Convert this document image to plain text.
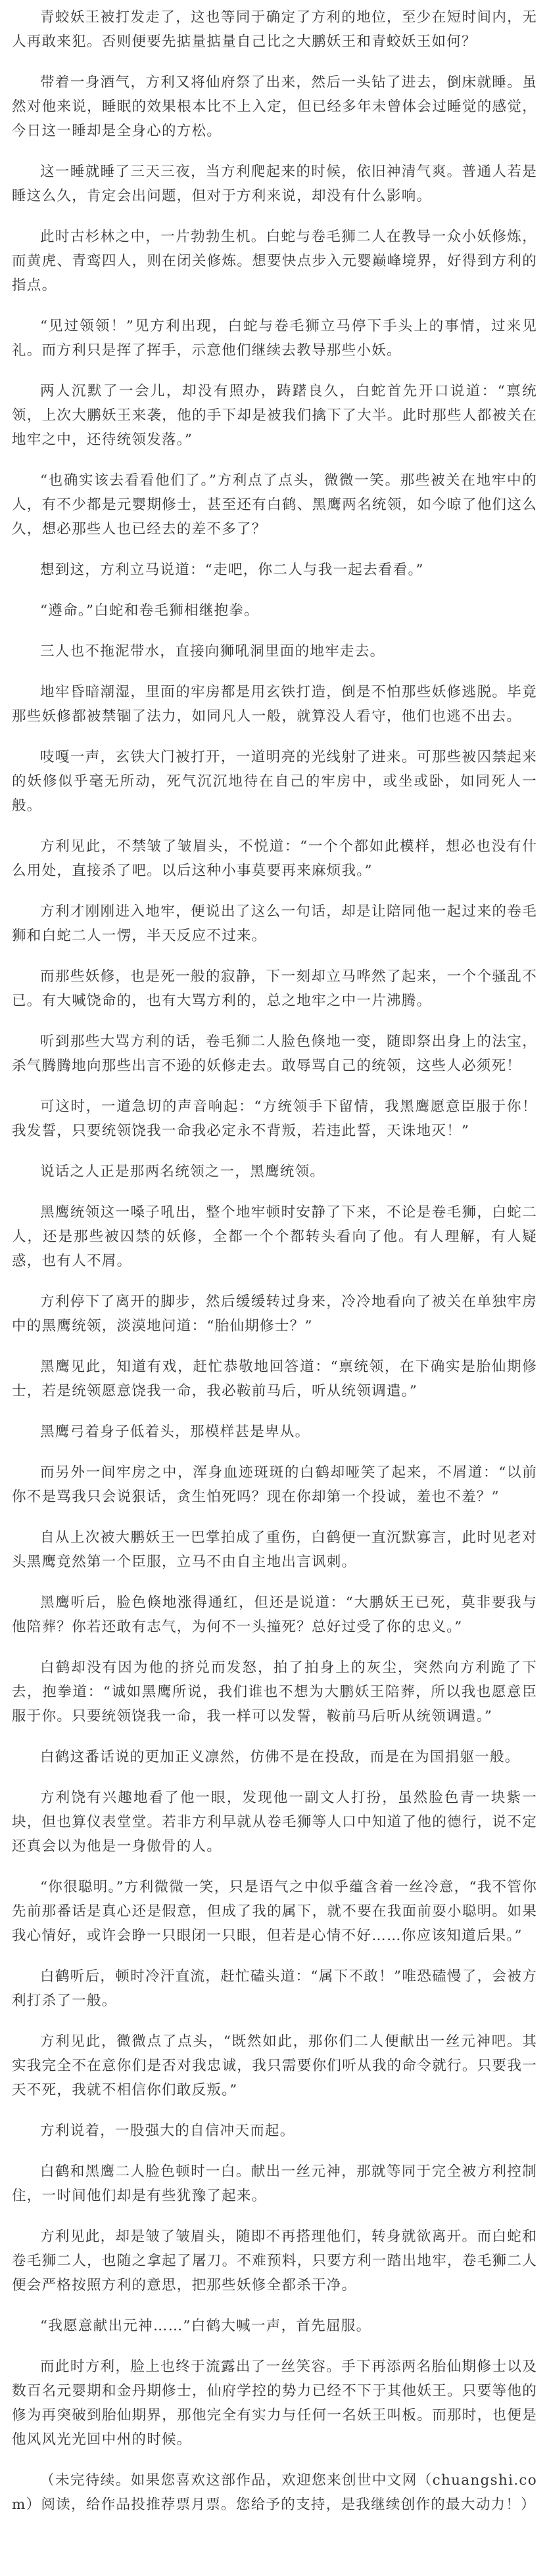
青蛟妖王被打发走了，这也等同于确定了方利的地位，至少在短时间内，无人再敢来犯。否则便要先掂量掂量自己比之大鹏妖王和青蛟妖王如何？

带着一身酒气，方利又将仙府祭了出来，然后一头钻了进去，倒床就睡。虽然对他来说，睡眠的效果根本比不上入定，但已经多年未曾体会过睡觉的感觉，今日这一睡却是全身心的方松。

这一睡就睡了三天三夜，当方利爬起来的时候，依旧神清气爽。普通人若是睡这么久，肯定会出问题，但对于方利来说，却没有什么影响。

此时古杉林之中，一片勃勃生机。白蛇与卷毛狮二人在教导一众小妖修炼，而黄虎、青鸾四人，则在闭关修炼。想要快点步入元婴巅峰境界，好得到方利的指点。

“见过领领！”见方利出现，白蛇与卷毛狮立马停下手头上的事情，过来见礼。而方利只是挥了挥手，示意他们继续去教导那些小妖。

两人沉默了一会儿，却没有照办，踌躇良久，白蛇首先开口说道：“禀统领，上次大鹏妖王来袭，他的手下却是被我们擒下了大半。此时那些人都被关在地牢之中，还待统领发落。”

“也确实该去看看他们了。”方利点了点头，微微一笑。那些被关在地牢中的人，有不少都是元婴期修士，甚至还有白鹤、黑鹰两名统领，如今晾了他们这么久，想必那些人也已经去的差不多了？

想到这，方利立马说道：“走吧，你二人与我一起去看看。”

“遵命。”白蛇和卷毛狮相继抱拳。

三人也不拖泥带水，直接向狮吼洞里面的地牢走去。

地牢昏暗潮湿，里面的牢房都是用玄铁打造，倒是不怕那些妖修逃脱。毕竟那些妖修都被禁锢了法力，如同凡人一般，就算没人看守，他们也逃不出去。

吱嘎一声，玄铁大门被打开，一道明亮的光线射了进来。可那些被囚禁起来的妖修似乎毫无所动，死气沉沉地待在自己的牢房中，或坐或卧，如同死人一般。

方利见此，不禁皱了皱眉头，不悦道：“一个个都如此模样，想必也没有什么用处，直接杀了吧。以后这种小事莫要再来麻烦我。”

方利才刚刚进入地牢，便说出了这么一句话，却是让陪同他一起过来的卷毛狮和白蛇二人一愣，半天反应不过来。

而那些妖修，也是死一般的寂静，下一刻却立马哗然了起来，一个个骚乱不已。有大喊饶命的，也有大骂方利的，总之地牢之中一片沸腾。

听到那些大骂方利的话，卷毛狮二人脸色倏地一变，随即祭出身上的法宝，杀气腾腾地向那些出言不逊的妖修走去。敢辱骂自己的统领，这些人必须死！

可这时，一道急切的声音响起：“方统领手下留情，我黑鹰愿意臣服于你！我发誓，只要统领饶我一命我必定永不背叛，若违此誓，天诛地灭！”

说话之人正是那两名统领之一，黑鹰统领。

黑鹰统领这一嗓子吼出，整个地牢顿时安静了下来，不论是卷毛狮，白蛇二人，还是那些被囚禁的妖修，全都一个个都转头看向了他。有人理解，有人疑惑，也有人不屑。

方利停下了离开的脚步，然后缓缓转过身来，冷冷地看向了被关在单独牢房中的黑鹰统领，淡漠地问道：“胎仙期修士？”

黑鹰见此，知道有戏，赶忙恭敬地回答道：“禀统领，在下确实是胎仙期修士，若是统领愿意饶我一命，我必鞍前马后，听从统领调遣。”

黑鹰弓着身子低着头，那模样甚是卑从。

而另外一间牢房之中，浑身血迹斑斑的白鹤却哑笑了起来，不屑道：“以前你不是骂我只会说狠话，贪生怕死吗？现在你却第一个投诚，羞也不羞？”

自从上次被大鹏妖王一巴掌拍成了重伤，白鹤便一直沉默寡言，此时见老对头黑鹰竟然第一个臣服，立马不由自主地出言讽刺。

黑鹰听后，脸色倏地涨得通红，但还是说道：“大鹏妖王已死，莫非要我与他陪葬？你若还敢有志气，为何不一头撞死？总好过受了你的忠义。”

白鹤却没有因为他的挤兑而发怒，拍了拍身上的灰尘，突然向方利跪了下去，抱拳道：“诚如黑鹰所说，我们谁也不想为大鹏妖王陪葬，所以我也愿意臣服于你。只要统领饶我一命，我一样可以发誓，鞍前马后听从统领调遣。”

白鹤这番话说的更加正义凛然，仿佛不是在投敌，而是在为国捐躯一般。

方利饶有兴趣地看了他一眼，发现他一副文人打扮，虽然脸色青一块紫一块，但也算仪表堂堂。若非方利早就从卷毛狮等人口中知道了他的德行，说不定还真会以为他是一身傲骨的人。

“你很聪明。”方利微微一笑，只是语气之中似乎蕴含着一丝冷意，“我不管你先前那番话是真心还是假意，但成了我的属下，就不要在我面前耍小聪明。如果我心情好，或许会睁一只眼闭一只眼，但若是心情不好……你应该知道后果。”

白鹤听后，顿时冷汗直流，赶忙磕头道：“属下不敢！”唯恐磕慢了，会被方利打杀了一般。

方利见此，微微点了点头，“既然如此，那你们二人便献出一丝元神吧。其实我完全不在意你们是否对我忠诚，我只需要你们听从我的命令就行。只要我一天不死，我就不相信你们敢反叛。”

方利说着，一股强大的自信冲天而起。

白鹤和黑鹰二人脸色顿时一白。献出一丝元神，那就等同于完全被方利控制住，一时间他们却是有些犹豫了起来。

方利见此，却是皱了皱眉头，随即不再搭理他们，转身就欲离开。而白蛇和卷毛狮二人，也随之拿起了屠刀。不难预料，只要方利一踏出地牢，卷毛狮二人便会严格按照方利的意思，把那些妖修全都杀干净。

“我愿意献出元神……”白鹤大喊一声，首先屈服。

而此时方利，脸上也终于流露出了一丝笑容。手下再添两名胎仙期修士以及数百名元婴期和金丹期修士，仙府学控的势力已经不下于其他妖王。只要等他的修为再突破到胎仙期界，那他完全有实力与任何一名妖王叫板。而那时，也便是他风风光光回中州的时候。

（未完待续。如果您喜欢这部作品，欢迎您来创世中文网（chuangshi.com）阅读，给作品投推荐票月票。您给予的支持，是我继续创作的最大动力！）
